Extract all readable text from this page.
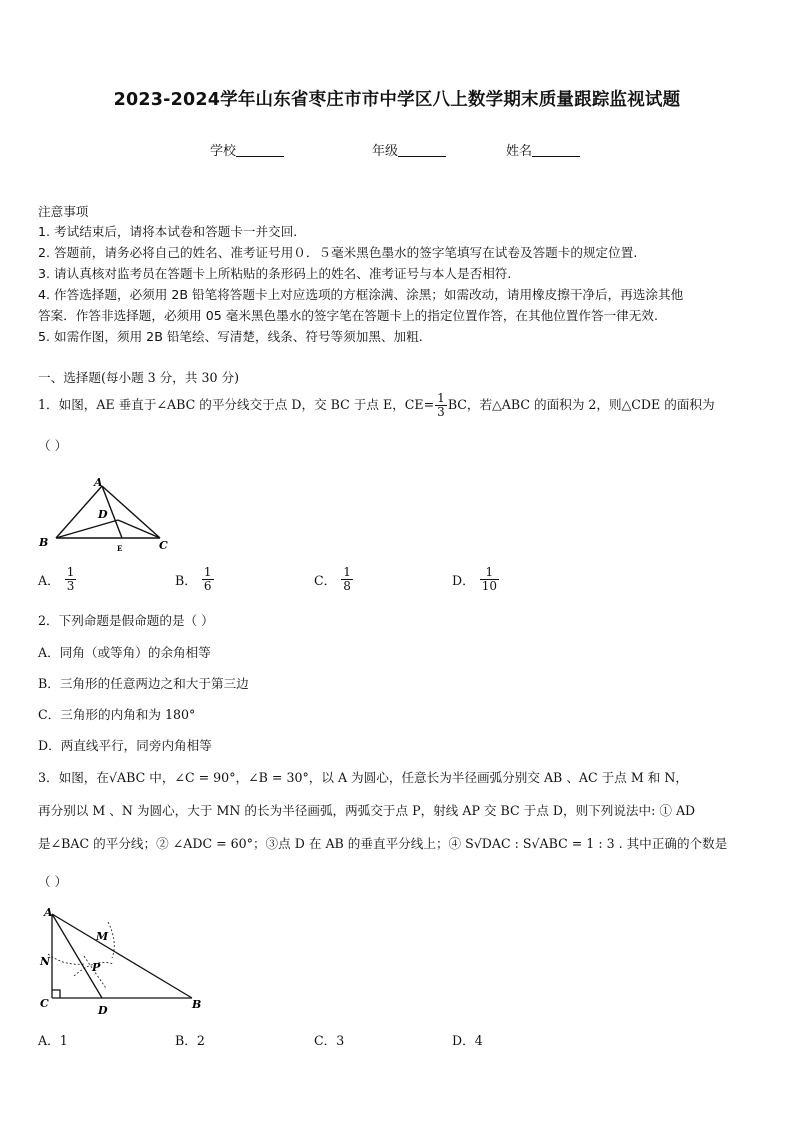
2023-2024学年山东省枣庄市市中学区八上数学期末质量跟踪监视试题
学校	年级	姓名
注意事项
1. 考试结束后，请将本试卷和答题卡一并交回.
2. 答题前，请务必将自己的姓名、准考证号用０．５毫米黑色墨水的签字笔填写在试卷及答题卡的规定位置.
3. 请认真核对监考员在答题卡上所粘贴的条形码上的姓名、准考证号与本人是否相符.
4. 作答选择题，必须用 2B 铅笔将答题卡上对应选项的方框涂满、涂黑；如需改动，请用橡皮擦干净后，再选涂其他
答案．作答非选择题，必须用 05 毫米黑色墨水的签字笔在答题卡上的指定位置作答，在其他位置作答一律无效.
5. 如需作图，须用 2B 铅笔绘、写清楚，线条、符号等须加黑、加粗.
一、选择题(每小题 3 分，共 30 分)
1．如图，AE 垂直于∠ABC 的平分线交于点 D，交 BC 于点 E，$CE= \frac{1}{3}$ BC，若△ABC 的面积为 2，则△CDE 的面积为
（ ）
A
D
B	E	C
A． $\frac{1}{3}$	B． $\frac{1}{6}$	C． $\frac{1}{8}$	D． $\frac{1}{10}$
2．下列命题是假命题的是（ ）
A．同角（或等角）的余角相等
B．三角形的任意两边之和大于第三边
C．三角形的内角和为 180°
D．两直线平行，同旁内角相等
3．如图，在√ABC 中，∠C = 90°，∠B = 30°，以 A 为圆心，任意长为半径画弧分别交 AB 、AC 于点 M 和 N，
再分别以 M 、N 为圆心，大于 MN 的长为半径画弧，两弧交于点 P，射线 AP 交 BC 于点 D，则下列说法中: ① AD
是∠BAC 的平分线；② ∠ADC = 60°；③点 D 在 AB 的垂直平分线上；④ S√DAC : S√ABC = 1 : 3 . 其中正确的个数是
（ ）
A
M
N	P
C
D	B
A．1	B．2	C．3	D．4
